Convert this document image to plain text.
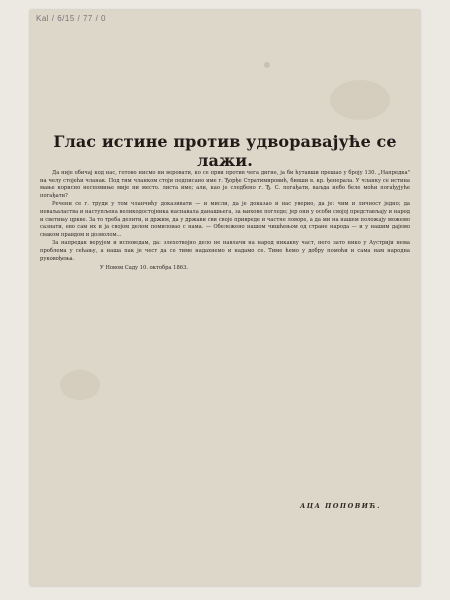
Kal / 6/15 / 77 / 0
Глас истине против удвораваjуће се лажи.

Да није обичај код нас, готово нисмо ни веровати, ко се први против чега дигне, jа би ћутавши прешао у броју 130. „Напредка" на челу стојећи чланак. Под тим чланком стоји подписано име г. Ђорђе Стратимировић, бивши в. кр. ђенерала. У чланку се истина мање корисно неспомиње мије ни мeсто. листа име; али, као je следбено г. Ђ. С. погађати, ваљда небо бeле моћи погађујуће погађати?

Речени се г. труди у том чланчићу доказивати — и мисли, да je доказао и нас уверио, да je: чим и личност једно; да неваљаластвa и наступљенa великодостојникa наснавалa данашњегa, за њихове погледе; jер они у особи своjoj представљају и народ и светињу цркве. За то треба делити, и држим, да у држави сви своје привреде и частне ловоре, а да ми на нашем положају можемо сазнати, ево сам их и ја своjом делом помиловao с нама. — Обележено нашом чишћењом од стране народа — и у нашим дајемо сваком правдом и дозволом...

За напредак верујем и исповедам, да: злехотвоjно дело не навлачи на народ никакву част, него зато нико у Аустрији немa проблема у сећању, а наша пак је чест да сe тиме надахнемо и надамо се. Тиме ћемо у добру помоћи и сама нам народна руковођења.

У Новом Саду 10. октобра 1863.
АЦА ПОПОВИЋ.
